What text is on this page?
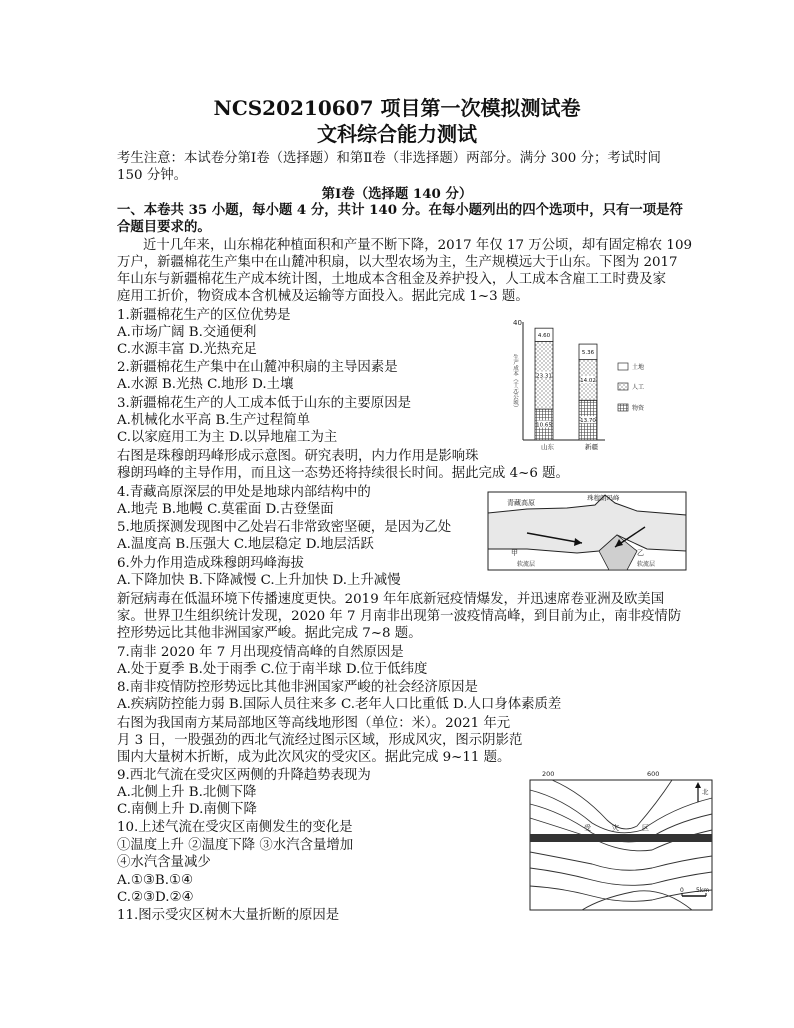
NCS20210607 项目第一次模拟测试卷
文科综合能力测试
考生注意：本试卷分第Ⅰ卷（选择题）和第Ⅱ卷（非选择题）两部分。满分 300 分；考试时间
150 分钟。
第Ⅰ卷（选择题 140 分）
一、本卷共 35 小题，每小题 4 分，共计 140 分。在每小题列出的四个选项中，只有一项是符
合题目要求的。
近十几年来，山东棉花种植面积和产量不断下降，2017 年仅 17 万公顷，却有固定棉农 109
万户，新疆棉花生产集中在山麓冲积扇，以大型农场为主，生产规模远大于山东。下图为 2017
年山东与新疆棉花生产成本统计图，土地成本含租金及养护投入，人工成本含雇工工时费及家
庭用工折价，物资成本含机械及运输等方面投入。据此完成 1~3 题。
1.新疆棉花生产的区位优势是
A.市场广阔 B.交通便利
C.水源丰富 D.光热充足
2.新疆棉花生产集中在山麓冲积扇的主导因素是
A.水源 B.光热 C.地形 D.土壤
3.新疆棉花生产的人工成本低于山东的主要原因是
A.机械化水平高 B.生产过程简单
C.以家庭用工为主 D.以异地雇工为主
40
10.65
23.31
4.60
13.70
14.02
5.36
生产成本（千元/公顷）
山东	新疆
土地
人工
物资
右图是珠穆朗玛峰形成示意图。研究表明，内力作用是影响珠
穆朗玛峰的主导作用，而且这一态势还将持续很长时间。据此完成 4~6 题。
4.青藏高原深层的甲处是地球内部结构中的
A.地壳 B.地幔 C.莫霍面 D.古登堡面
5.地质探测发现图中乙处岩石非常致密坚硬，是因为乙处
A.温度高 B.压强大 C.地层稳定 D.地层活跃
6.外力作用造成珠穆朗玛峰海拔
A.下降加快 B.下降减慢 C.上升加快 D.上升减慢
青藏高原
珠穆朗玛峰
甲	乙
软流层	软流层
新冠病毒在低温环境下传播速度更快。2019 年年底新冠疫情爆发，并迅速席卷亚洲及欧美国
家。世界卫生组织统计发现，2020 年 7 月南非出现第一波疫情高峰，到目前为止，南非疫情防
控形势远比其他非洲国家严峻。据此完成 7~8 题。
7.南非 2020 年 7 月出现疫情高峰的自然原因是
A.处于夏季 B.处于雨季 C.位于南半球 D.位于低纬度
8.南非疫情防控形势远比其他非洲国家严峻的社会经济原因是
A.疾病防控能力弱 B.国际人员往来多 C.老年人口比重低 D.人口身体素质差
右图为我国南方某局部地区等高线地形图（单位：米）。2021 年元
月 3 日，一股强劲的西北气流经过图示区域，形成风灾，图示阴影范
围内大量树木折断，成为此次风灾的受灾区。据此完成 9~11 题。
9.西北气流在受灾区两侧的升降趋势表现为
A.北侧上升 B.北侧下降
C.南侧上升 D.南侧下降
10.上述气流在受灾区南侧发生的变化是
①温度上升 ②温度下降 ③水汽含量增加
④水汽含量减少
A.①③B.①④
C.②③D.②④
11.图示受灾区树木大量折断的原因是
200	600
受	灾	区
北
0 5km
